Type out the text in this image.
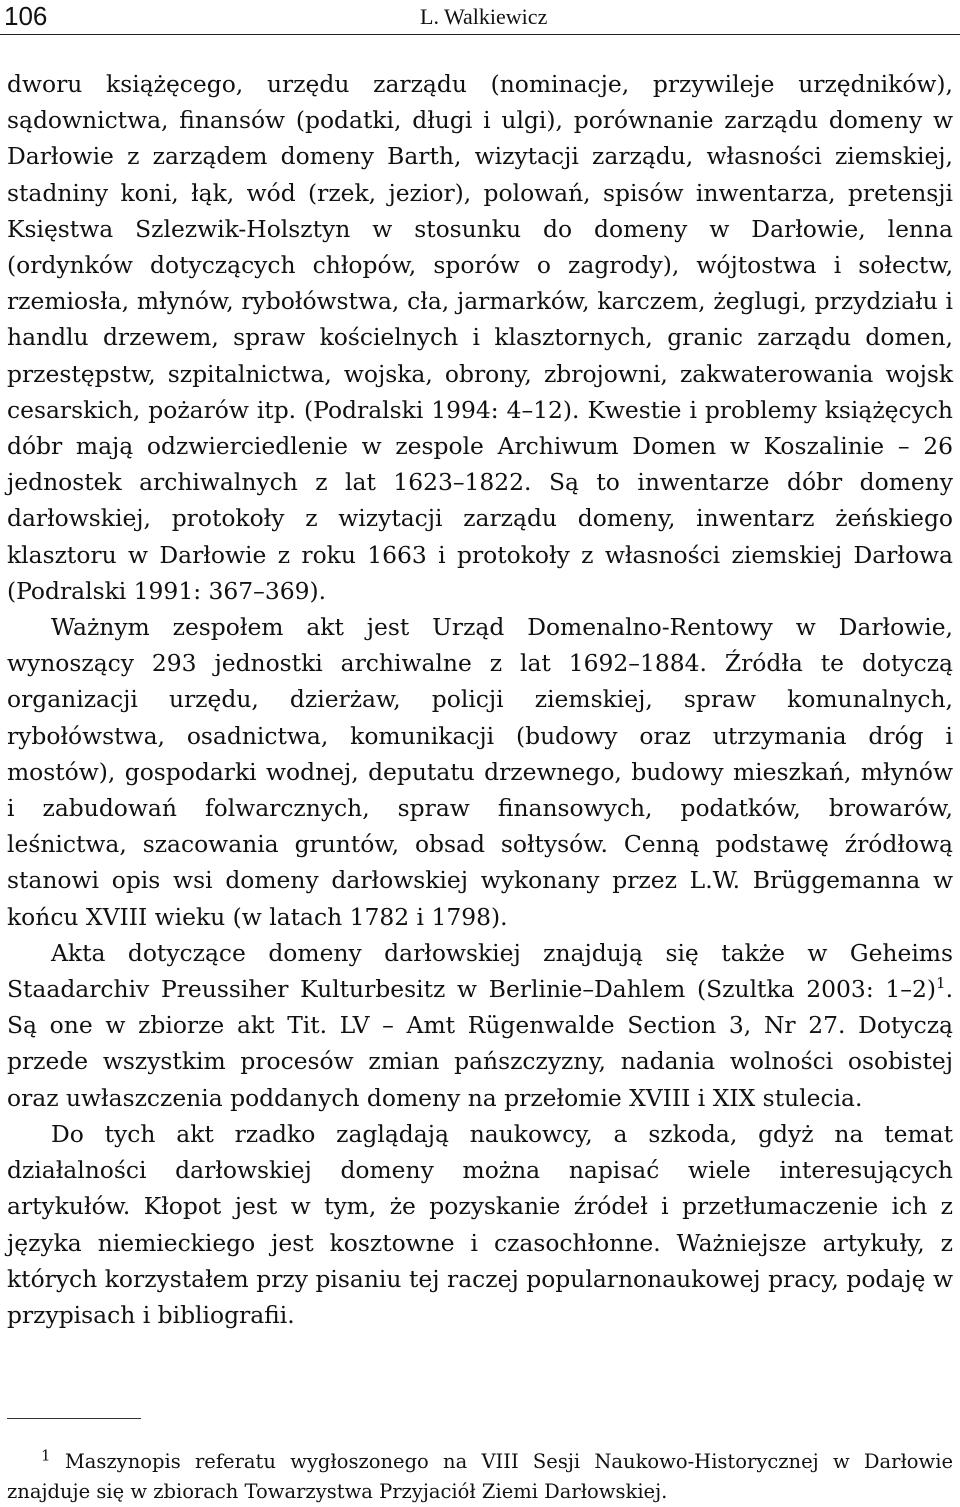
106	L. Walkiewicz

dworu książęcego, urzędu zarządu (nominacje, przywileje urzędników), sądownictwa, finansów (podatki, długi i ulgi), porównanie zarządu domeny w Darłowie z zarządem domeny Barth, wizytacji zarządu, własności ziemskiej, stadniny koni, łąk, wód (rzek, jezior), polowań, spisów inwentarza, pretensji Księstwa Szlezwik-Holsztyn w stosunku do domeny w Darłowie, lenna (ordynków dotyczących chłopów, sporów o zagrody), wójtostwa i sołectw, rzemiosła, młynów, rybołówstwa, cła, jarmarków, karczem, żeglugi, przydziału i handlu drzewem, spraw kościelnych i klasztornych, granic zarządu domen, przestępstw, szpitalnictwa, wojska, obrony, zbrojowni, zakwaterowania wojsk cesarskich, pożarów itp. (Podralski 1994: 4–12). Kwestie i problemy książęcych dóbr mają odzwierciedlenie w zespole Archiwum Domen w Koszalinie – 26 jednostek archiwalnych z lat 1623–1822. Są to inwentarze dóbr domeny darłowskiej, protokoły z wizytacji zarządu domeny, inwentarz żeńskiego klasztoru w Darłowie z roku 1663 i protokoły z własności ziemskiej Darłowa (Podralski 1991: 367–369).

Ważnym zespołem akt jest Urząd Domenalno-Rentowy w Darłowie, wynoszący 293 jednostki archiwalne z lat 1692–1884. Źródła te dotyczą organizacji urzędu, dzierżaw, policji ziemskiej, spraw komunalnych, rybołówstwa, osadnictwa, komunikacji (budowy oraz utrzymania dróg i mostów), gospodarki wodnej, deputatu drzewnego, budowy mieszkań, młynów i zabudowań folwarcznych, spraw finansowych, podatków, browarów, leśnictwa, szacowania gruntów, obsad sołtysów. Cenną podstawę źródłową stanowi opis wsi domeny darłowskiej wykonany przez L.W. Brüggemanna w końcu XVIII wieku (w latach 1782 i 1798).

Akta dotyczące domeny darłowskiej znajdują się także w Geheims Staadarchiv Preussiher Kulturbesitz w Berlinie–Dahlem (Szultka 2003: 1–2)$^1$. Są one w zbiorze akt Tit. LV – Amt Rügenwalde Section 3, Nr 27. Dotyczą przede wszystkim procesów zmian pańszczyzny, nadania wolności osobistej oraz uwłaszczenia poddanych domeny na przełomie XVIII i XIX stulecia.

Do tych akt rzadko zaglądają naukowcy, a szkoda, gdyż na temat działalności darłowskiej domeny można napisać wiele interesujących artykułów. Kłopot jest w tym, że pozyskanie źródeł i przetłumaczenie ich z języka niemieckiego jest kosztowne i czasochłonne. Ważniejsze artykuły, z których korzystałem przy pisaniu tej raczej popularnonaukowej pracy, podaję w przypisach i bibliografii.

$^1$ Maszynopis referatu wygłoszonego na VIII Sesji Naukowo-Historycznej w Darłowie znajduje się w zbiorach Towarzystwa Przyjaciół Ziemi Darłowskiej.
